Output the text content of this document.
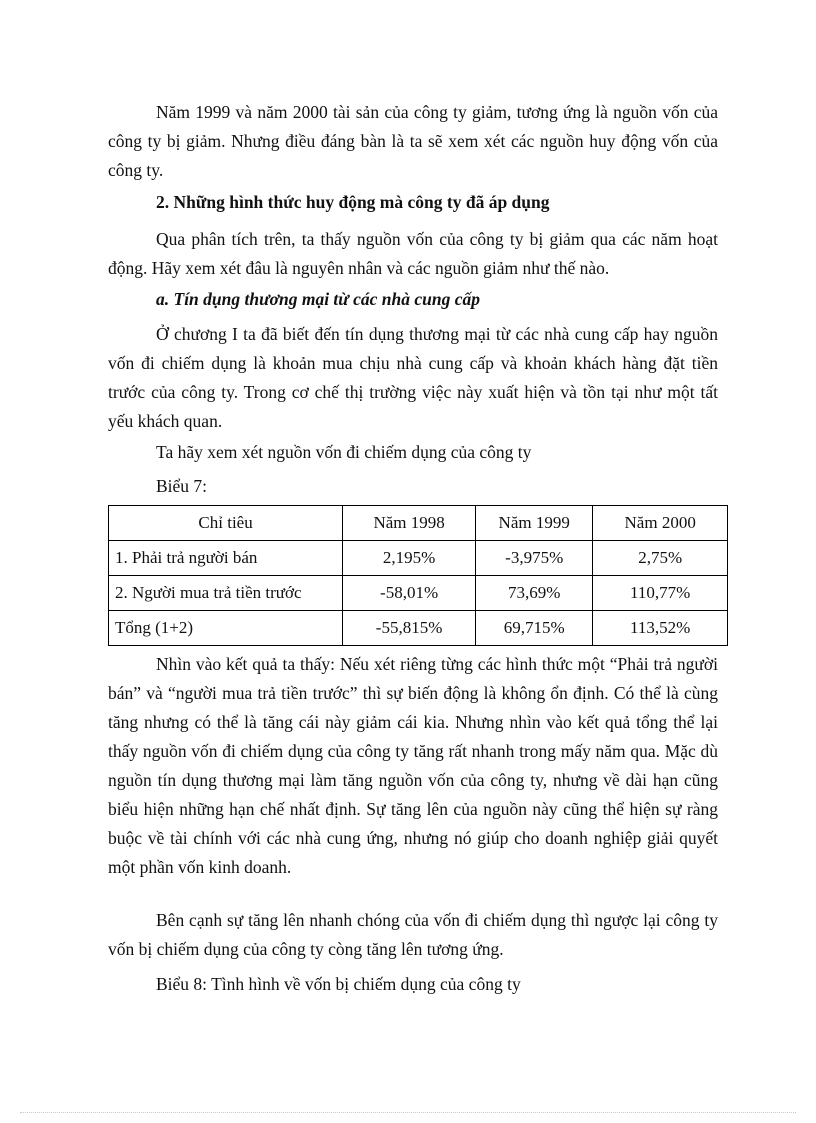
Năm 1999 và năm 2000 tài sản của công ty giảm, tương ứng là nguồn vốn của công ty bị giảm. Nhưng điều đáng bàn là ta sẽ xem xét các nguồn huy động vốn của công ty.

2. Những hình thức huy động mà công ty đã áp dụng

Qua phân tích trên, ta thấy nguồn vốn của công ty bị giảm qua các năm hoạt động. Hãy xem xét đâu là nguyên nhân và các nguồn giảm như thế nào.

a. Tín dụng thương mại từ các nhà cung cấp

Ở chương I ta đã biết đến tín dụng thương mại từ các nhà cung cấp hay nguồn vốn đi chiếm dụng là khoản mua chịu nhà cung cấp và khoản khách hàng đặt tiền trước của công ty. Trong cơ chế thị trường việc này xuất hiện và tồn tại như một tất yếu khách quan.

Ta hãy xem xét nguồn vốn đi chiếm dụng của công ty

Biểu 7:

Chỉ tiêu	Năm 1998	Năm 1999	Năm 2000
1. Phải trả người bán	2,195%	-3,975%	2,75%
2. Người mua trả tiền trước	-58,01%	73,69%	110,77%
Tổng (1+2)	-55,815%	69,715%	113,52%

Nhìn vào kết quả ta thấy: Nếu xét riêng từng các hình thức một “Phải trả người bán” và “người mua trả tiền trước” thì sự biến động là không ổn định. Có thể là cùng tăng nhưng có thể là tăng cái này giảm cái kia. Nhưng nhìn vào kết quả tổng thể lại thấy nguồn vốn đi chiếm dụng của công ty tăng rất nhanh trong mấy năm qua. Mặc dù nguồn tín dụng thương mại làm tăng nguồn vốn của công ty, nhưng về dài hạn cũng biểu hiện những hạn chế nhất định. Sự tăng lên của nguồn này cũng thể hiện sự ràng buộc về tài chính với các nhà cung ứng, nhưng nó giúp cho doanh nghiệp giải quyết một phần vốn kinh doanh.

Bên cạnh sự tăng lên nhanh chóng của vốn đi chiếm dụng thì ngược lại công ty vốn bị chiếm dụng của công ty còng tăng lên tương ứng.

Biểu 8: Tình hình về vốn bị chiếm dụng của công ty
